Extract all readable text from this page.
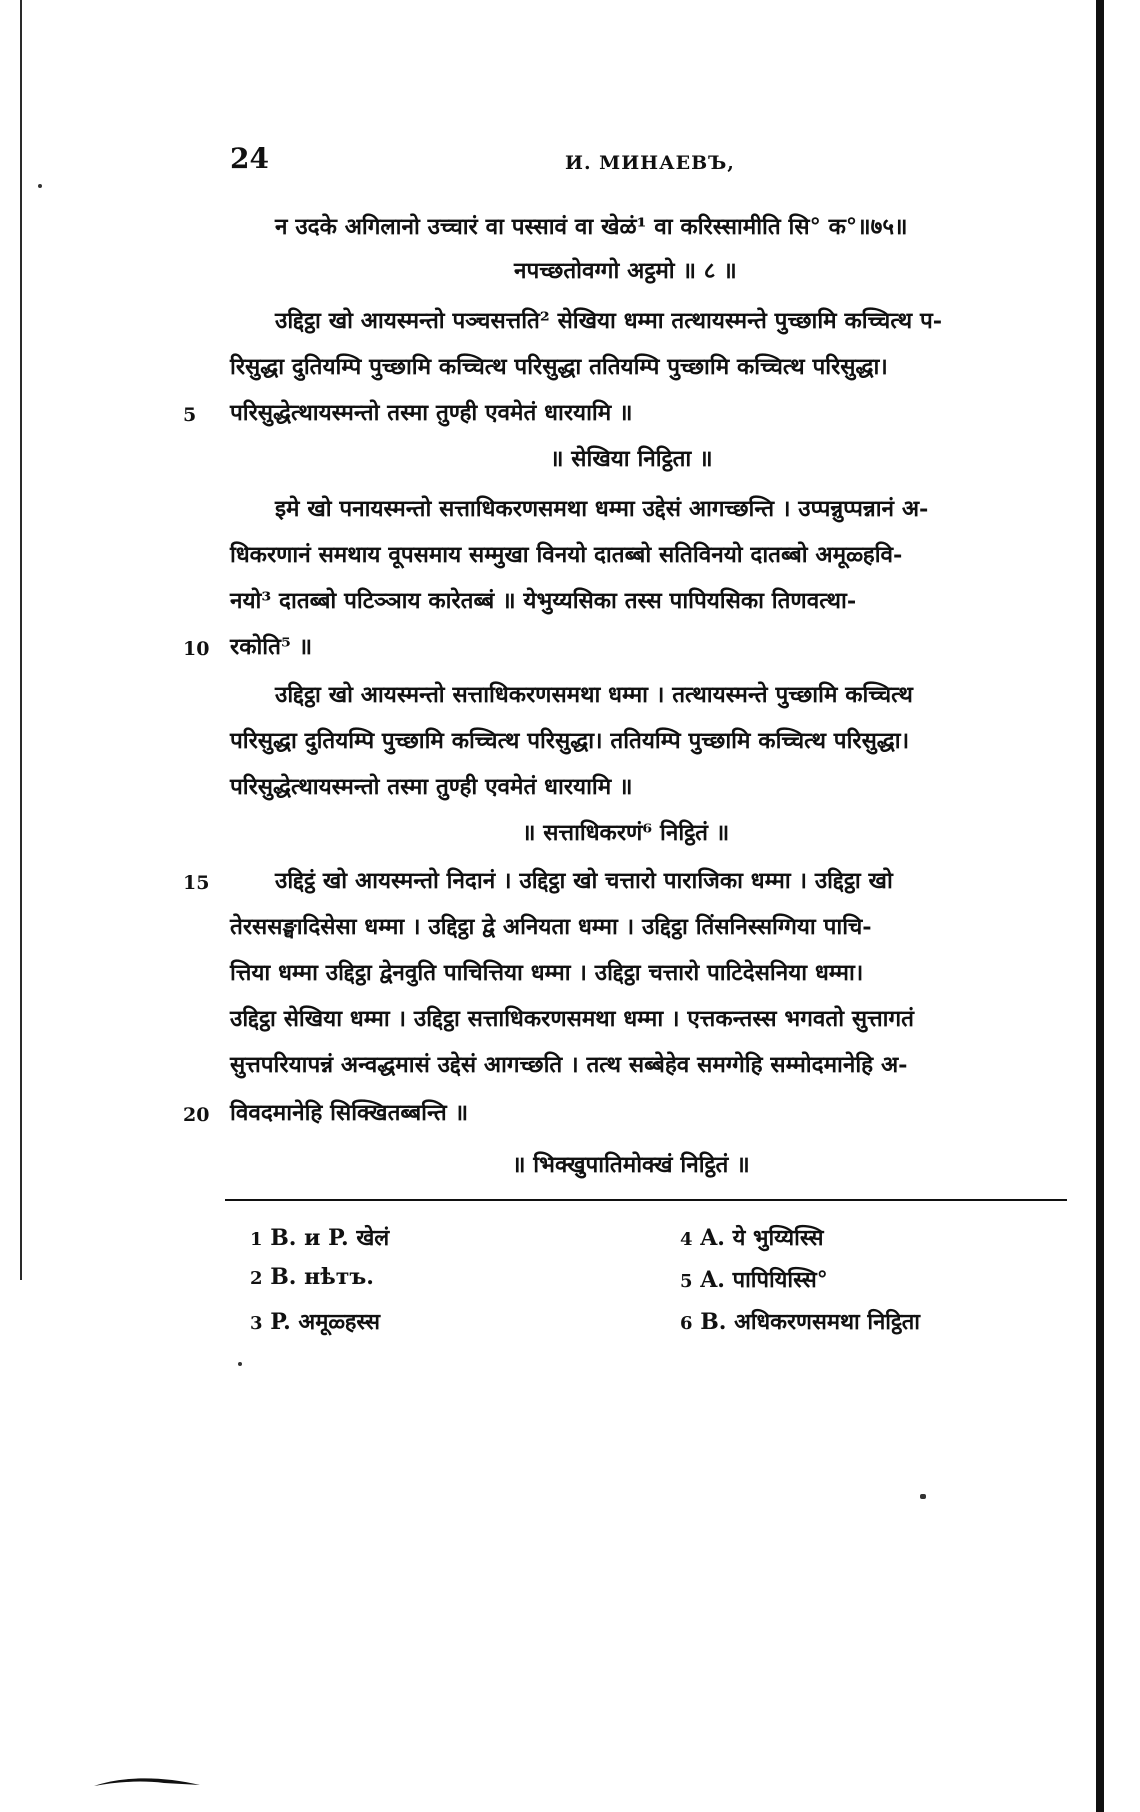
24	И. МИНАЕВЪ,
न उदके अगिलानो उच्चारं वा पस्सावं वा खेळं¹ वा करिस्सामीति सि° क°॥७५॥
नपच्छतोवग्गो अट्ठमो ॥ ८ ॥
उद्दिट्ठा खो आयस्मन्तो पञ्चसत्तति² सेखिया धम्मा तत्थायस्मन्ते पुच्छामि कच्चित्थ प-
रिसुद्धा दुतियम्पि पुच्छामि कच्चित्थ परिसुद्धा ततियम्पि पुच्छामि कच्चित्थ परिसुद्धा।
5 परिसुद्धेत्थायस्मन्तो तस्मा तुण्ही एवमेतं धारयामि ॥
॥ सेखिया निट्ठिता ॥
इमे खो पनायस्मन्तो सत्ताधिकरणसमथा धम्मा उद्देसं आगच्छन्ति । उप्पन्नुप्पन्नानं अ-
धिकरणानं समथाय वूपसमाय सम्मुखा विनयो दातब्बो सतिविनयो दातब्बो अमूळ्हवि-
नयो³ दातब्बो पटिञ्ञाय कारेतब्बं ॥ येभुय्यसिका तस्स पापियसिका तिणवत्था-
10 रकोति⁵ ॥
उद्दिट्ठा खो आयस्मन्तो सत्ताधिकरणसमथा धम्मा । तत्थायस्मन्ते पुच्छामि कच्चित्थ
परिसुद्धा दुतियम्पि पुच्छामि कच्चित्थ परिसुद्धा। ततियम्पि पुच्छामि कच्चित्थ परिसुद्धा।
परिसुद्धेत्थायस्मन्तो तस्मा तुण्ही एवमेतं धारयामि ॥
॥ सत्ताधिकरणं⁶ निट्ठितं ॥
15	उद्दिट्ठं खो आयस्मन्तो निदानं । उद्दिट्ठा खो चत्तारो पाराजिका धम्मा । उद्दिट्ठा खो
तेरससङ्घादिसेसा धम्मा । उद्दिट्ठा द्वे अनियता धम्मा । उद्दिट्ठा तिंसनिस्सग्गिया पाचि-
त्तिया धम्मा उद्दिट्ठा द्वेनवुति पाचित्तिया धम्मा । उद्दिट्ठा चत्तारो पाटिदेसनिया धम्मा।
उद्दिट्ठा सेखिया धम्मा । उद्दिट्ठा सत्ताधिकरणसमथा धम्मा । एत्तकन्तस्स भगवतो सुत्तागतं
सुत्तपरियापन्नं अन्वद्धमासं उद्देसं आगच्छति । तत्थ सब्बेहेव समग्गेहि सम्मोदमानेहि अ-
20 विवदमानेहि सिक्खितब्बन्ति ॥
॥ भिक्खुपातिमोक्खं निट्ठितं ॥
1 B. и P. खेलं
2 B. нѣтъ.
3 P. अमूळ्हस्स
4 A. ये भुय्यिस्सि
5 A. पापियिस्सि°
6 B. अधिकरणसमथा निट्ठिता
